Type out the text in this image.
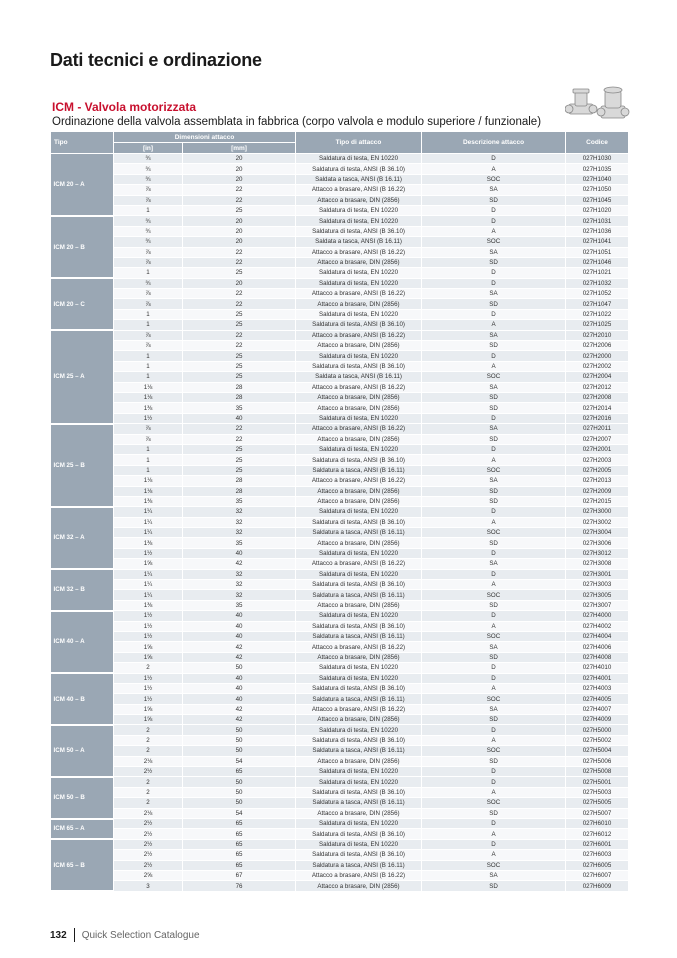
Dati tecnici e ordinazione
ICM - Valvola motorizzata
Ordinazione della valvola assemblata in fabbrica (corpo valvola e modulo superiore / funzionale)
Tipo	Dimensioni attacco		Tipo di attacco	Descrizione attacco	Codice
	[in]	[mm]			
ICM 20 – A	¾	20	Saldatura di testa, EN 10220	D	027H1030
	¾	20	Saldatura di testa, ANSI (B 36.10)	A	027H1035
	¾	20	Saldata a tasca, ANSI (B 16.11)	SOC	027H1040
	⅞	22	Attacco a brasare, ANSI (B 16.22)	SA	027H1050
	⅞	22	Attacco a brasare, DIN (2856)	SD	027H1045
	1	25	Saldatura di testa, EN 10220	D	027H1020
ICM 20 – B	¾	20	Saldatura di testa, EN 10220	D	027H1031
	¾	20	Saldatura di testa, ANSI (B 36.10)	A	027H1036
	¾	20	Saldata a tasca, ANSI (B 16.11)	SOC	027H1041
	⅞	22	Attacco a brasare, ANSI (B 16.22)	SA	027H1051
	⅞	22	Attacco a brasare, DIN (2856)	SD	027H1046
	1	25	Saldatura di testa, EN 10220	D	027H1021
ICM 20 – C	¾	20	Saldatura di testa, EN 10220	D	027H1032
	⅞	22	Attacco a brasare, ANSI (B 16.22)	SA	027H1052
	⅞	22	Attacco a brasare, DIN (2856)	SD	027H1047
	1	25	Saldatura di testa, EN 10220	D	027H1022
	1	25	Saldatura di testa, ANSI (B 36.10)	A	027H1025
ICM 25 – A	⅞	22	Attacco a brasare, ANSI (B 16.22)	SA	027H2010
	⅞	22	Attacco a brasare, DIN (2856)	SD	027H2006
	1	25	Saldatura di testa, EN 10220	D	027H2000
	1	25	Saldatura di testa, ANSI (B 36.10)	A	027H2002
	1	25	Saldata a tasca, ANSI (B 16.11)	SOC	027H2004
	1⅛	28	Attacco a brasare, ANSI (B 16.22)	SA	027H2012
	1⅛	28	Attacco a brasare, DIN (2856)	SD	027H2008
	1⅜	35	Attacco a brasare, DIN (2856)	SD	027H2014
	1½	40	Saldatura di testa, EN 10220	D	027H2016
ICM 25 – B	⅞	22	Attacco a brasare, ANSI (B 16.22)	SA	027H2011
	⅞	22	Attacco a brasare, DIN (2856)	SD	027H2007
	1	25	Saldatura di testa, EN 10220	D	027H2001
	1	25	Saldatura di testa, ANSI (B 36.10)	A	027H2003
	1	25	Saldatura a tasca, ANSI (B 16.11)	SOC	027H2005
	1⅛	28	Attacco a brasare, ANSI (B 16.22)	SA	027H2013
	1⅛	28	Attacco a brasare, DIN (2856)	SD	027H2009
	1⅜	35	Attacco a brasare, DIN (2856)	SD	027H2015
ICM 32 – A	1¼	32	Saldatura di testa, EN 10220	D	027H3000
	1¼	32	Saldatura di testa, ANSI (B 36.10)	A	027H3002
	1¼	32	Saldatura a tasca, ANSI (B 16.11)	SOC	027H3004
	1⅜	35	Attacco a brasare, DIN (2856)	SD	027H3006
	1½	40	Saldatura di testa, EN 10220	D	027H3012
	1⅝	42	Attacco a brasare, ANSI (B 16.22)	SA	027H3008
ICM 32 – B	1¼	32	Saldatura di testa, EN 10220	D	027H3001
	1¼	32	Saldatura di testa, ANSI (B 36.10)	A	027H3003
	1¼	32	Saldatura a tasca, ANSI (B 16.11)	SOC	027H3005
	1⅜	35	Attacco a brasare, DIN (2856)	SD	027H3007
ICM 40 – A	1½	40	Saldatura di testa, EN 10220	D	027H4000
	1½	40	Saldatura di testa, ANSI (B 36.10)	A	027H4002
	1½	40	Saldatura a tasca, ANSI (B 16.11)	SOC	027H4004
	1⅝	42	Attacco a brasare, ANSI (B 16.22)	SA	027H4006
	1⅝	42	Attacco a brasare, DIN (2856)	SD	027H4008
	2	50	Saldatura di testa, EN 10220	D	027H4010
ICM 40 – B	1½	40	Saldatura di testa, EN 10220	D	027H4001
	1½	40	Saldatura di testa, ANSI (B 36.10)	A	027H4003
	1½	40	Saldatura a tasca, ANSI (B 16.11)	SOC	027H4005
	1⅝	42	Attacco a brasare, ANSI (B 16.22)	SA	027H4007
	1⅝	42	Attacco a brasare, DIN (2856)	SD	027H4009
ICM 50 – A	2	50	Saldatura di testa, EN 10220	D	027H5000
	2	50	Saldatura di testa, ANSI (B 36.10)	A	027H5002
	2	50	Saldatura a tasca, ANSI (B 16.11)	SOC	027H5004
	2⅛	54	Attacco a brasare, DIN (2856)	SD	027H5006
	2½	65	Saldatura di testa, EN 10220	D	027H5008
ICM 50 – B	2	50	Saldatura di testa, EN 10220	D	027H5001
	2	50	Saldatura di testa, ANSI (B 36.10)	A	027H5003
	2	50	Saldatura a tasca, ANSI (B 16.11)	SOC	027H5005
	2⅛	54	Attacco a brasare, DIN (2856)	SD	027H5007
ICM 65 – A	2½	65	Saldatura di testa, EN 10220	D	027H6010
	2½	65	Saldatura di testa, ANSI (B 36.10)	A	027H6012
ICM 65 – B	2½	65	Saldatura di testa, EN 10220	D	027H6001
	2½	65	Saldatura di testa, ANSI (B 36.10)	A	027H6003
	2½	65	Saldatura a tasca, ANSI (B 16.11)	SOC	027H6005
	2⅝	67	Attacco a brasare, ANSI (B 16.22)	SA	027H6007
	3	76	Attacco a brasare, DIN (2856)	SD	027H6009
132 Quick Selection Catalogue
